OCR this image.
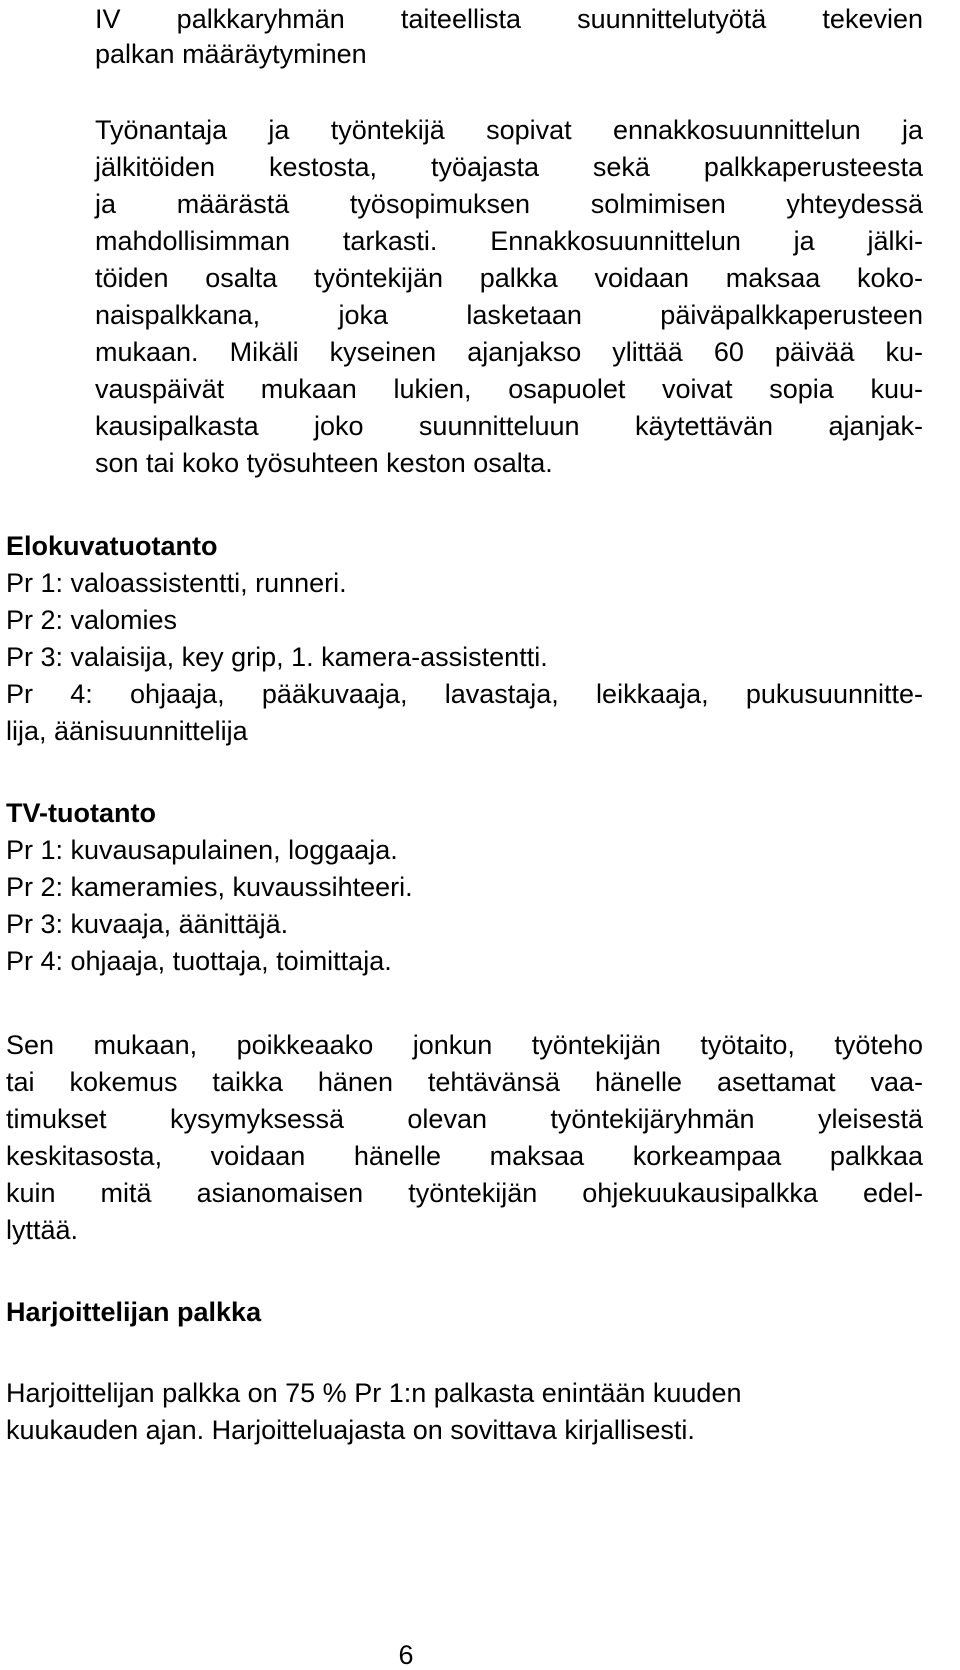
IV palkkaryhmän taiteellista suunnittelutyötä tekevien
palkan määräytyminen
Työnantaja ja työntekijä sopivat ennakkosuunnittelun ja
jälkitöiden kestosta, työajasta sekä palkkaperusteesta
ja määrästä työsopimuksen solmimisen yhteydessä
mahdollisimman tarkasti. Ennakkosuunnittelun ja jälki-
töiden osalta työntekijän palkka voidaan maksaa koko-
naispalkkana, joka lasketaan päiväpalkkaperusteen
mukaan. Mikäli kyseinen ajanjakso ylittää 60 päivää ku-
vauspäivät mukaan lukien, osapuolet voivat sopia kuu-
kausipalkasta joko suunnitteluun käytettävän ajanjak-
son tai koko työsuhteen keston osalta.
Elokuvatuotanto
Pr 1: valoassistentti, runneri.
Pr 2: valomies
Pr 3: valaisija, key grip, 1. kamera-assistentti.
Pr 4: ohjaaja, pääkuvaaja, lavastaja, leikkaaja, pukusuunnitte-
lija, äänisuunnittelija
TV-tuotanto
Pr 1: kuvausapulainen, loggaaja.
Pr 2: kameramies, kuvaussihteeri.
Pr 3: kuvaaja, äänittäjä.
Pr 4: ohjaaja, tuottaja, toimittaja.
Sen mukaan, poikkeaako jonkun työntekijän työtaito, työteho
tai kokemus taikka hänen tehtävänsä hänelle asettamat vaa-
timukset kysymyksessä olevan työntekijäryhmän yleisestä
keskitasosta, voidaan hänelle maksaa korkeampaa palkkaa
kuin mitä asianomaisen työntekijän ohjekuukausipalkka edel-
lyttää.
Harjoittelijan palkka
Harjoittelijan palkka on 75 % Pr 1:n palkasta enintään kuuden
kuukauden ajan. Harjoitteluajasta on sovittava kirjallisesti.
6
